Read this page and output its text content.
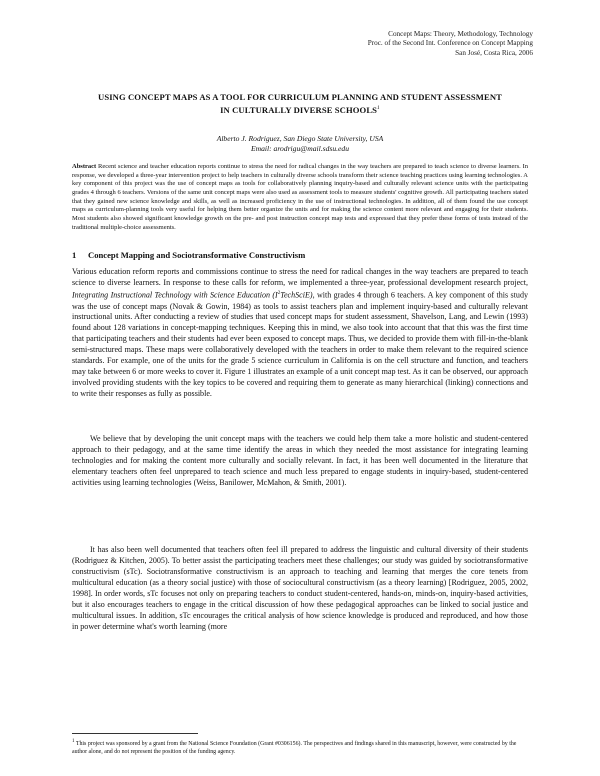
Concept Maps: Theory, Methodology, Technology
Proc. of the Second Int. Conference on Concept Mapping
San José, Costa Rica, 2006
USING CONCEPT MAPS AS A TOOL FOR CURRICULUM PLANNING AND STUDENT ASSESSMENT
IN CULTURALLY DIVERSE SCHOOLS$^1$
Alberto J. Rodriguez, San Diego State University, USA
Email: arodrigu@mail.sdsu.edu
Abstract Recent science and teacher education reports continue to stress the need for radical changes in the way teachers are prepared to teach science to diverse learners. In response, we developed a three-year intervention project to help teachers in culturally diverse schools transform their science teaching practices using learning technologies. A key component of this project was the use of concept maps as tools for collaboratively planning inquiry-based and culturally relevant science units with the participating grades 4 through 6 teachers. Versions of the same unit concept maps were also used as assessment tools to measure students' cognitive growth. All participating teachers stated that they gained new science knowledge and skills, as well as increased proficiency in the use of instructional technologies. In addition, all of them found the use concept maps as curriculum-planning tools very useful for helping them better organize the units and for making the science content more relevant and engaging for their students. Most students also showed significant knowledge growth on the pre- and post instruction concept map tests and expressed that they prefer these forms of tests instead of the traditional multiple-choice assessments.
1 Concept Mapping and Sociotransformative Constructivism
Various education reform reports and commissions continue to stress the need for radical changes in the way teachers are prepared to teach science to diverse learners. In response to these calls for reform, we implemented a three-year, professional development research project, Integrating Instructional Technology with Science Education $(I^2TechSciE)$, with grades 4 through 6 teachers. A key component of this study was the use of concept maps (Novak & Gowin, 1984) as tools to assist teachers plan and implement inquiry-based and culturally relevant instructional units. After conducting a review of studies that used concept maps for student assessment, Shavelson, Lang, and Lewin (1993) found about 128 variations in concept-mapping techniques. Keeping this in mind, we also took into account that that this was the first time that participating teachers and their students had ever been exposed to concept maps. Thus, we decided to provide them with fill-in-the-blank semi-structured maps. These maps were collaboratively developed with the teachers in order to make them relevant to the required science standards. For example, one of the units for the grade 5 science curriculum in California is on the cell structure and function, and teachers may take between 6 or more weeks to cover it. Figure 1 illustrates an example of a unit concept map test. As it can be observed, our approach involved providing students with the key topics to be covered and requiring them to generate as many hierarchical (linking) connections and to write their responses as fully as possible.
We believe that by developing the unit concept maps with the teachers we could help them take a more holistic and student-centered approach to their pedagogy, and at the same time identify the areas in which they needed the most assistance for integrating learning technologies and for making the content more culturally and socially relevant. In fact, it has been well documented in the literature that elementary teachers often feel unprepared to teach science and much less prepared to engage students in inquiry-based, student-centered activities using learning technologies (Weiss, Banilower, McMahon, & Smith, 2001).
It has also been well documented that teachers often feel ill prepared to address the linguistic and cultural diversity of their students (Rodriguez & Kitchen, 2005). To better assist the participating teachers meet these challenges; our study was guided by sociotransformative constructivism (sTc). Sociotransformative constructivism is an approach to teaching and learning that merges the core tenets from multicultural education (as a theory social justice) with those of sociocultural constructivism (as a theory learning) [Rodriguez, 2005, 2002, 1998]. In order words, sTc focuses not only on preparing teachers to conduct student-centered, hands-on, minds-on, inquiry-based activities, but it also encourages teachers to engage in the critical discussion of how these pedagogical approaches can be linked to social justice and multicultural issues. In addition, sTc encourages the critical analysis of how science knowledge is produced and reproduced, and how those in power determine what's worth learning (more
$^1$ This project was sponsored by a grant from the National Science Foundation (Grant #0306156). The perspectives and findings shared in this manuscript, however, were constructed by the author alone, and do not represent the position of the funding agency.
